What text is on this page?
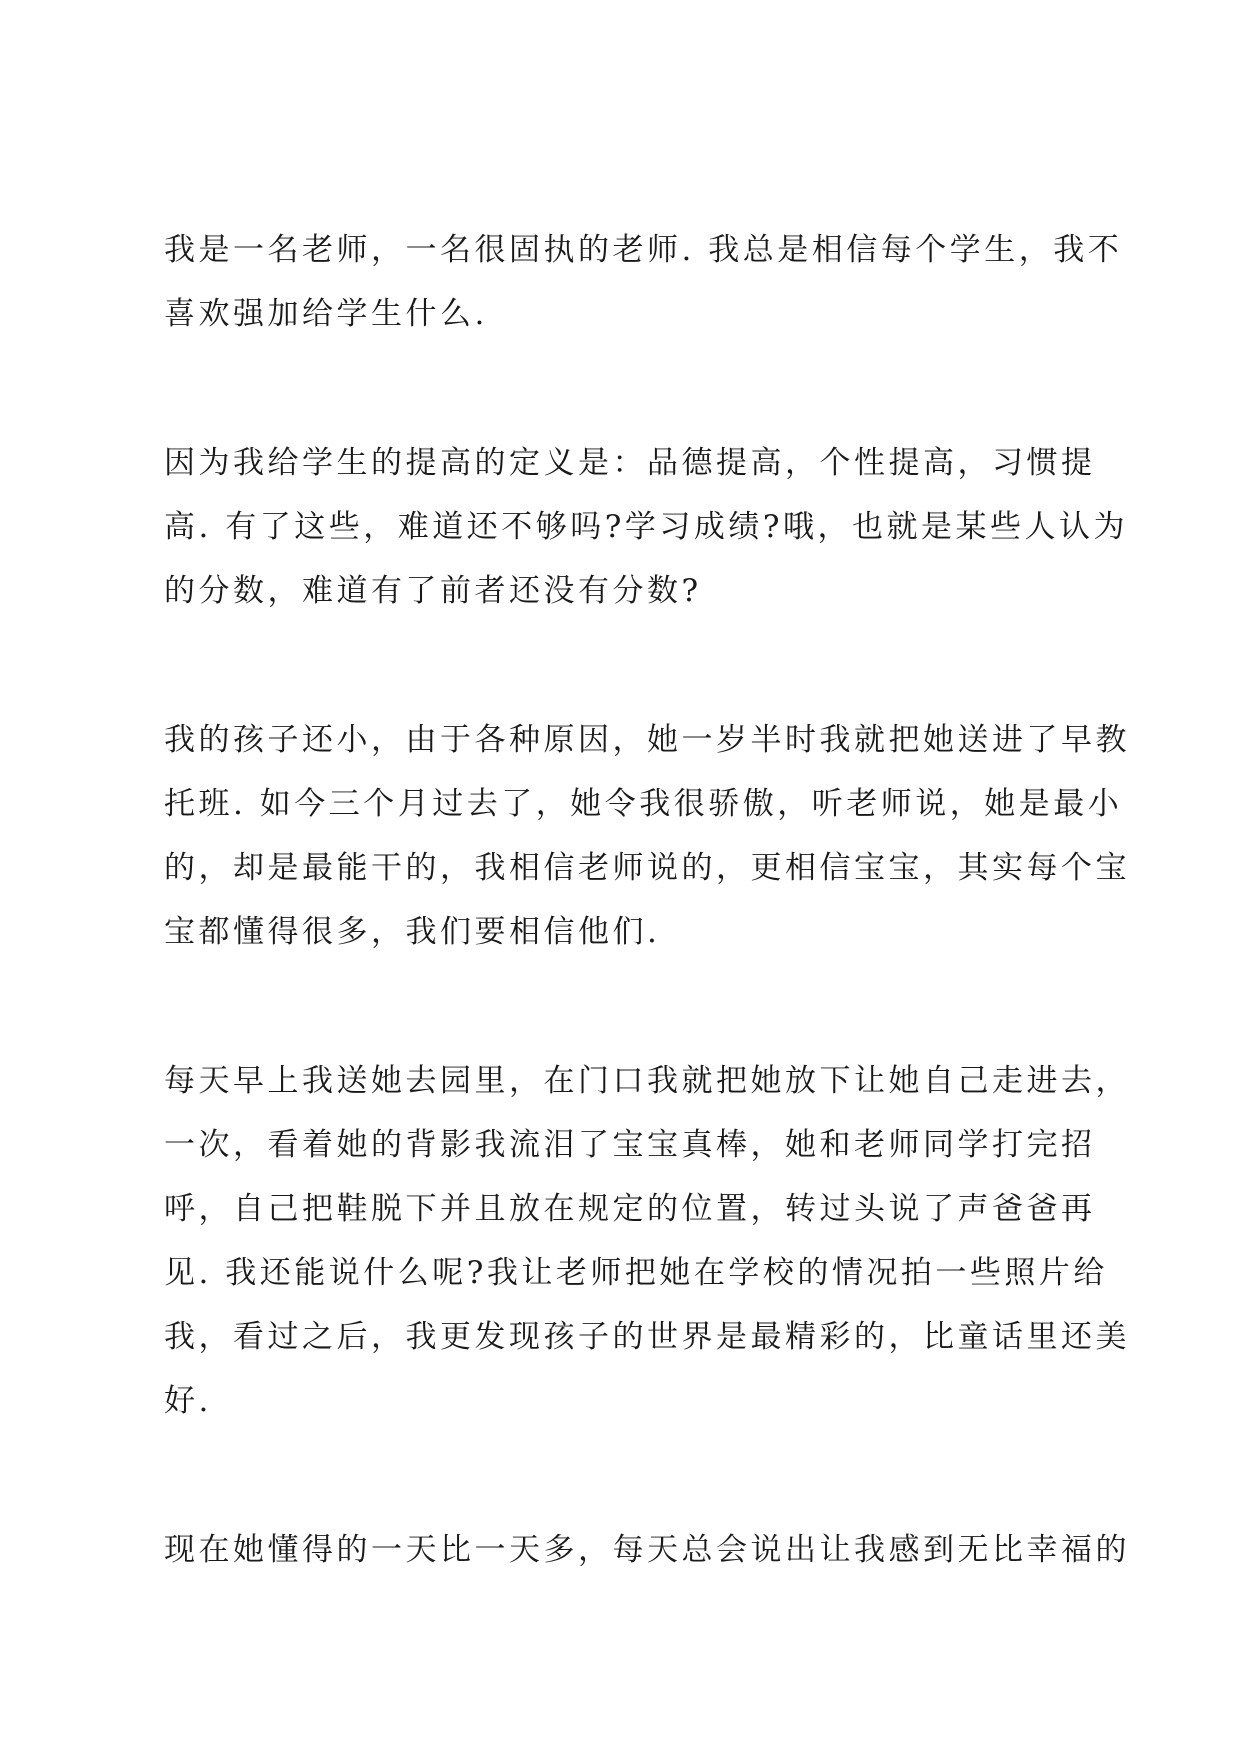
我是一名老师，一名很固执的老师. 我总是相信每个学生，我不
喜欢强加给学生什么.
因为我给学生的提高的定义是：品德提高，个性提高，习惯提
高. 有了这些，难道还不够吗?学习成绩?哦，也就是某些人认为
的分数，难道有了前者还没有分数?
我的孩子还小，由于各种原因，她一岁半时我就把她送进了早教
托班. 如今三个月过去了，她令我很骄傲，听老师说，她是最小
的，却是最能干的，我相信老师说的，更相信宝宝，其实每个宝
宝都懂得很多，我们要相信他们.
每天早上我送她去园里，在门口我就把她放下让她自己走进去，
一次，看着她的背影我流泪了宝宝真棒，她和老师同学打完招
呼，自己把鞋脱下并且放在规定的位置，转过头说了声爸爸再
见. 我还能说什么呢?我让老师把她在学校的情况拍一些照片给
我，看过之后，我更发现孩子的世界是最精彩的，比童话里还美
好.
现在她懂得的一天比一天多，每天总会说出让我感到无比幸福的
